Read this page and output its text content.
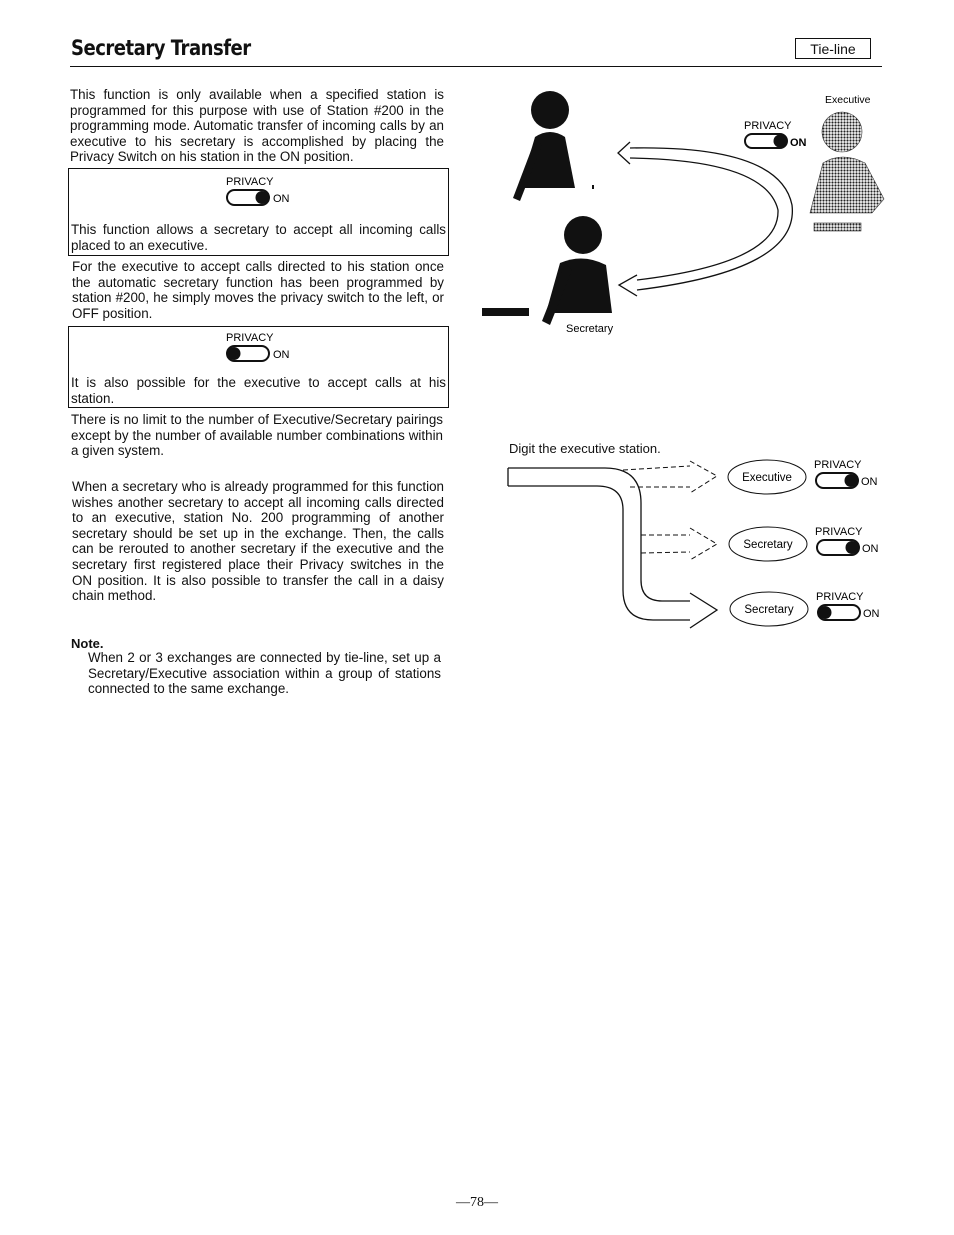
Secretary Transfer	Tie-line
This function is only available when a specified station is programmed for this purpose with use of Station #200 in the programming mode. Automatic transfer of incoming calls by an executive to his secretary is accomplished by placing the Privacy Switch on his station in the ON position.
PRIVACY
ON
This function allows a secretary to accept all incoming calls placed to an executive.
For the executive to accept calls directed to his station once the automatic secretary function has been programmed by station #200, he simply moves the privacy switch to the left, or OFF position.
PRIVACY
ON
It is also possible for the executive to accept calls at his station.
There is no limit to the number of Executive/Secretary pairings except by the number of available number combinations within a given system.
When a secretary who is already programmed for this function wishes another secretary to accept all incoming calls directed to an executive, station No. 200 programming of another secretary should be set up in the exchange. Then, the calls can be rerouted to another secretary if the executive and the secretary first registered place their Privacy switches in the ON position. It is also possible to transfer the call in a daisy chain method.
Note.
When 2 or 3 exchanges are connected by tie-line, set up a Secretary/Executive association within a group of stations connected to the same exchange.
PRIVACY
ON
Executive
Secretary
Digit the executive station.
Executive
PRIVACY
ON
Secretary
PRIVACY
ON
Secretary
PRIVACY
ON
—78—
